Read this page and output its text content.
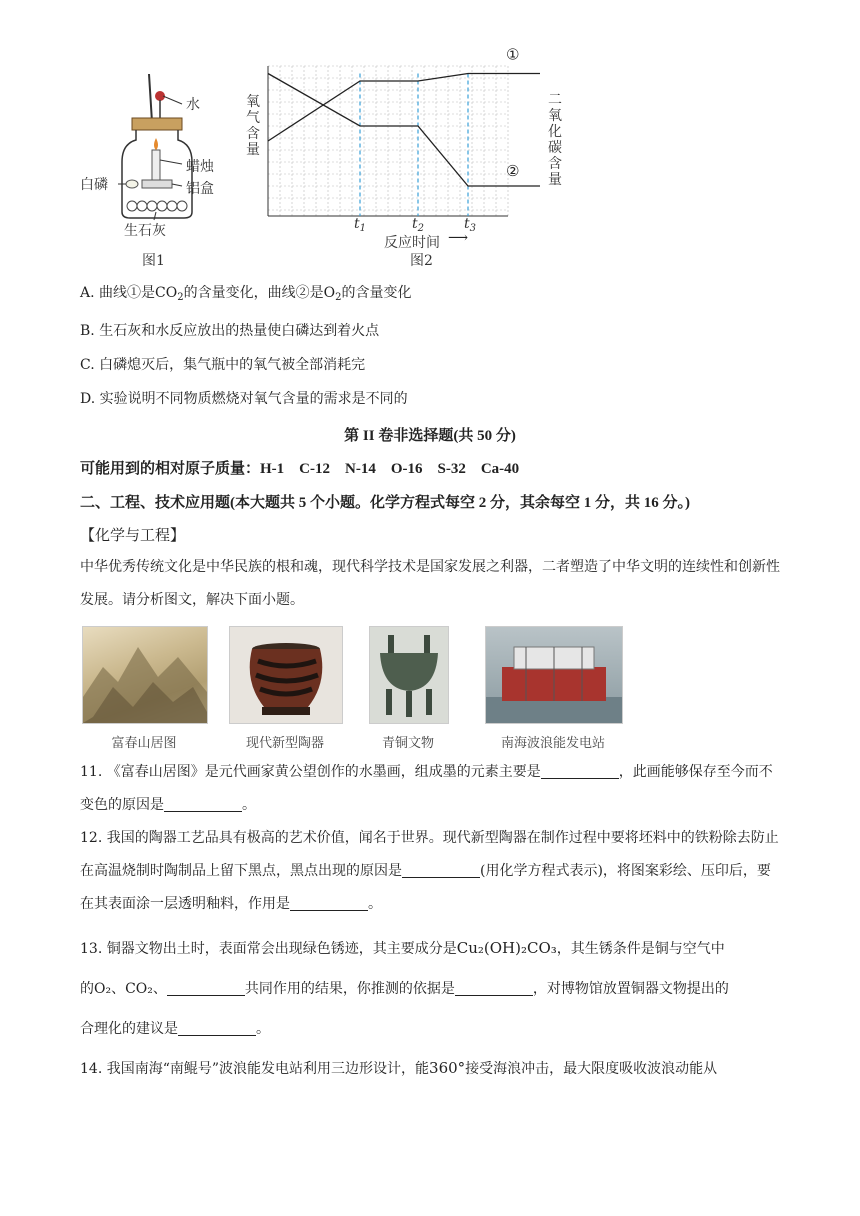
水
蜡烛
白磷	铝盒
生石灰
图1
氧气含量
二氧化碳含量
①
②
$t_1$	$t_2$	$t_3$
反应时间 ⟶
图2
A. 曲线①是$CO_2$的含量变化，曲线②是$O_2$的含量变化
B. 生石灰和水反应放出的热量使白磷达到着火点
C. 白磷熄灭后，集气瓶中的氧气被全部消耗完
D. 实验说明不同物质燃烧对氧气含量的需求是不同的
第 II 卷非选择题(共 50 分)
可能用到的相对原子质量：H-1　C-12　N-14　O-16　S-32　Ca-40
二、工程、技术应用题(本大题共 5 个小题。化学方程式每空 2 分，其余每空 1 分，共 16 分。)
【化学与工程】
中华优秀传统文化是中华民族的根和魂，现代科学技术是国家发展之利器，二者塑造了中华文明的连续性和创新性发展。请分析图文，解决下面小题。
富春山居图	现代新型陶器	青铜文物	南海波浪能发电站
11. 《富春山居图》是元代画家黄公望创作的水墨画，组成墨的元素主要是	，此画能够保存至今而不变色的原因是	。
12. 我国的陶器工艺品具有极高的艺术价值，闻名于世界。现代新型陶器在制作过程中要将坯料中的铁粉除去防止在高温烧制时陶制品上留下黑点，黑点出现的原因是	(用化学方程式表示)，将图案彩绘、压印后，要在其表面涂一层透明釉料，作用是	。
13. 铜器文物出土时，表面常会出现绿色锈迹，其主要成分是Cu₂(OH)₂CO₃，其生锈条件是铜与空气中
的O₂、CO₂、	共同作用的结果，你推测的依据是	，对博物馆放置铜器文物提出的
合理化的建议是	。
14. 我国南海“南鲲号”波浪能发电站利用三边形设计，能360°接受海浪冲击，最大限度吸收波浪动能从
